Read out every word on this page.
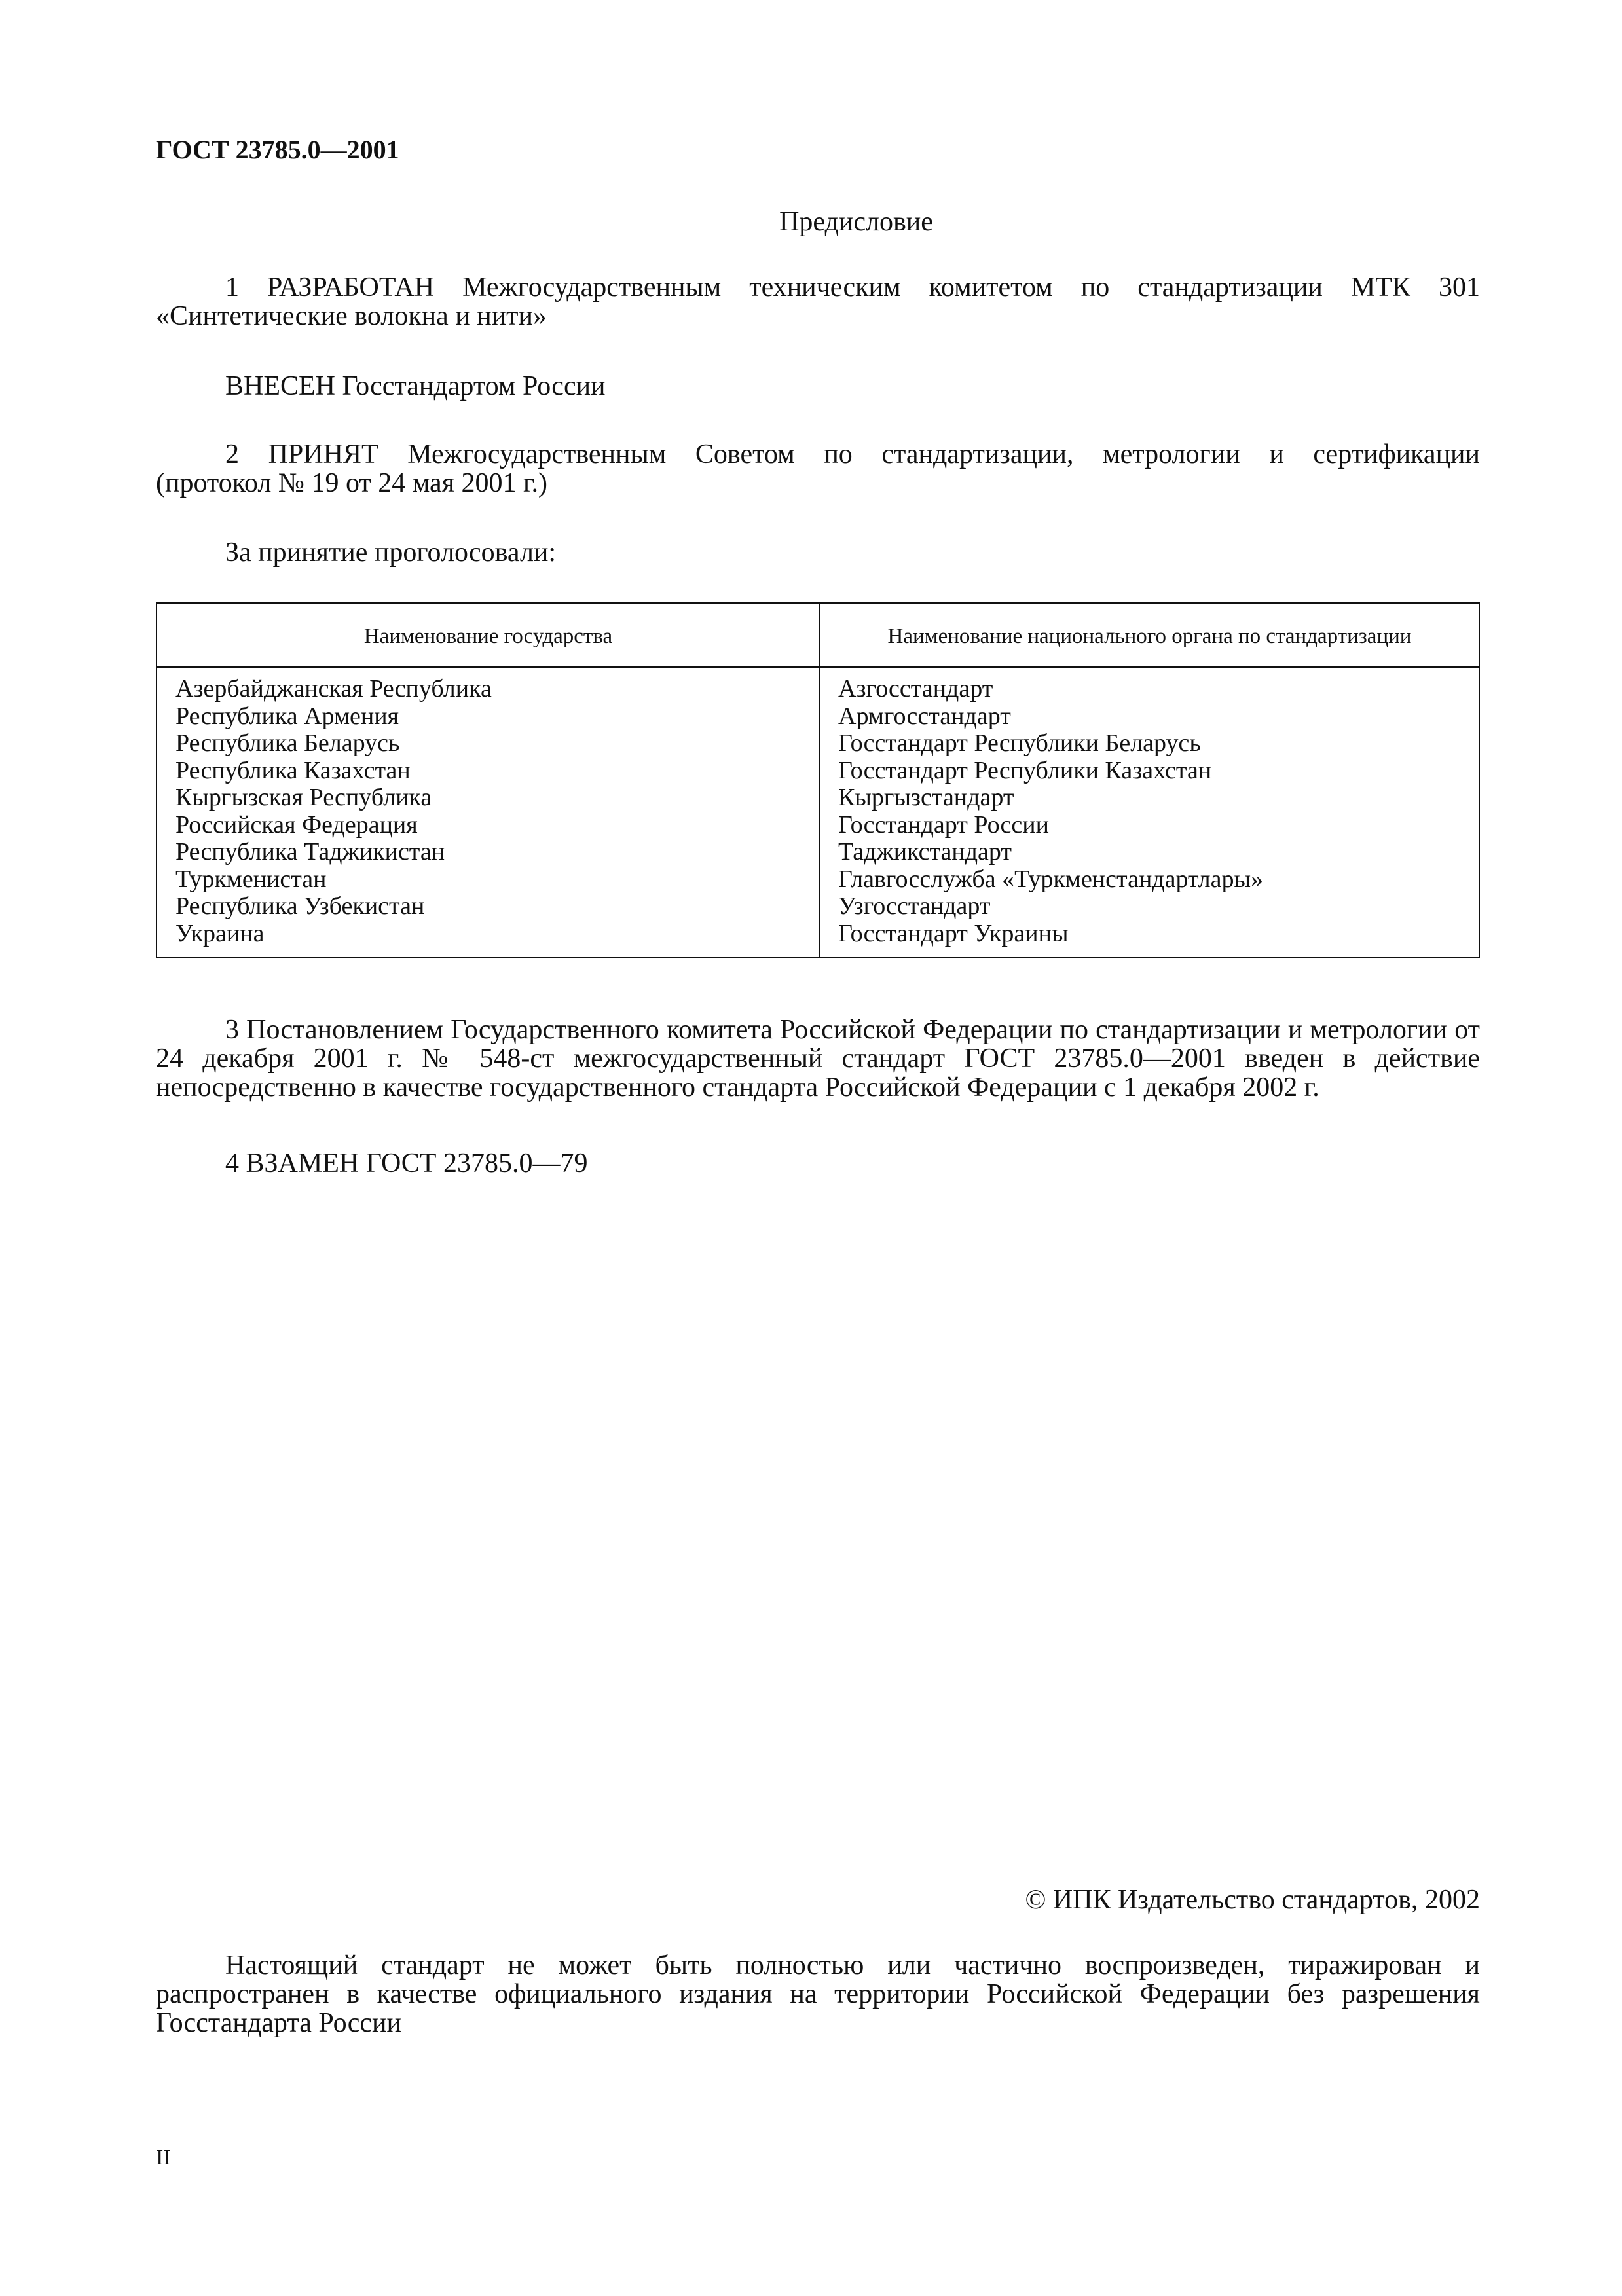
ГОСТ 23785.0—2001
Предисловие

1 РАЗРАБОТАН Межгосударственным техническим комитетом по стандартизации МТК 301

«Синтетические волокна и нити»

ВНЕСЕН Госстандартом России

2 ПРИНЯТ Межгосударственным Советом по стандартизации, метрологии и сертификации

(протокол № 19 от 24 мая 2001 г.)

За принятие проголосовали:

Наименование государства	Наименование национального органа по стандартизации
Азербайджанская Республика
Республика Армения
Республика Беларусь
Республика Казахстан
Кыргызская Республика
Российская Федерация
Республика Таджикистан
Туркменистан
Республика Узбекистан
Украина
Азгосстандарт
Армгосстандарт
Госстандарт Республики Беларусь
Госстандарт Республики Казахстан
Кыргызстандарт
Госстандарт России
Таджикстандарт
Главгосслужба «Туркменстандартлары»
Узгосстандарт
Госстандарт Украины

3 Постановлением Государственного комитета Российской Федерации по стандартизации и метрологии от 24 декабря 2001 г. № 548-ст межгосударственный стандарт ГОСТ 23785.0—2001 введен в действие непосредственно в качестве государственного стандарта Российской Федерации с 1 декабря 2002 г.

4 ВЗАМЕН ГОСТ 23785.0—79

© ИПК Издательство стандартов, 2002

Настоящий стандарт не может быть полностью или частично воспроизведен, тиражирован и распространен в качестве официального издания на территории Российской Федерации без разрешения Госстандарта России

II
